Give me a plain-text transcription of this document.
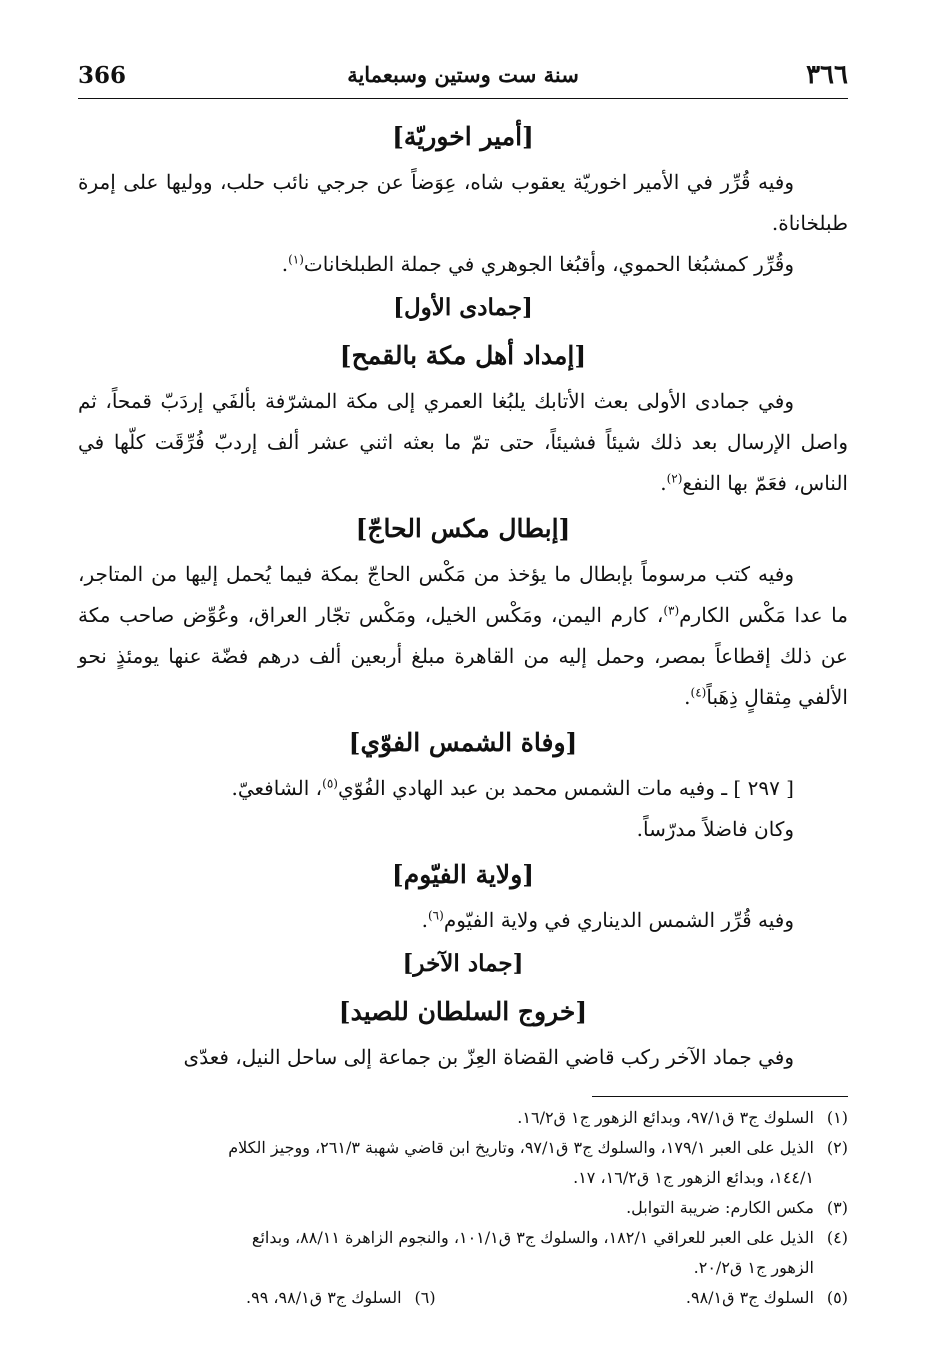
366	سنة ست وستين وسبعماية	٣٦٦
[أمير اخوريّة]

وفيه قُرِّر في الأمير اخوريّة يعقوب شاه، عِوَضاً عن جرجي نائب حلب، ووليها على إمرة طبلخاناة.

وقُرِّر كمشبُغا الحموي، وأقبُغا الجوهري في جملة الطبلخانات$^{(١)}$.

[جمادى الأول]
[إمداد أهل مكة بالقمح]

وفي جمادى الأولى بعث الأتابك يلبُغا العمري إلى مكة المشرّفة بألفَي إردَبّ قمحاً، ثم واصل الإرسال بعد ذلك شيئاً فشيئاً، حتى تمّ ما بعثه اثني عشر ألف إردبّ فُرِّقَت كلّها في الناس، فعَمّ بها النفع$^{(٢)}$.

[إبطال مكس الحاجّ]

وفيه كتب مرسوماً بإبطال ما يؤخذ من مَكْس الحاجّ بمكة فيما يُحمل إليها من المتاجر، ما عدا مَكْس الكارم$^{(٣)}$، كارم اليمن، ومَكْس الخيل، ومَكْس تجّار العراق، وعُوِّض صاحب مكة عن ذلك إقطاعاً بمصر، وحمل إليه من القاهرة مبلغ أربعين ألف درهم فضّة عنها يومئذٍ نحو الألفي مِثقالٍ ذِهَباً$^{(٤)}$.

[وفاة الشمس الفوّي]

[ ٢٩٧ ] ـ وفيه مات الشمس محمد بن عبد الهادي الفُوّي$^{(٥)}$، الشافعيّ.

وكان فاضلاً مدرّساً.

[ولاية الفيّوم]

وفيه قُرِّر الشمس الديناري في ولاية الفيّوم$^{(٦)}$.

[جماد الآخر]
[خروج السلطان للصيد]

وفي جماد الآخر ركب قاضي القضاة العِزّ بن جماعة إلى ساحل النيل، فعدّى

(١)السلوك ج٣ ق٩٧/١، وبدائع الزهور ج١ ق١٦/٢.
(٢)الذيل على العبر ١٧٩/١، والسلوك ج٣ ق٩٧/١، وتاريخ ابن قاضي شهبة ٢٦١/٣، ووجيز الكلام
١٤٤/١، وبدائع الزهور ج١ ق١٦/٢، ١٧.
(٣)مكس الكارم: ضريبة التوابل.
(٤)الذيل على العبر للعراقي ١٨٢/١، والسلوك ج٣ ق١٠١/١، والنجوم الزاهرة ٨٨/١١، وبدائع
الزهور ج١ ق٢٠/٢.
(٥)السلوك ج٣ ق٩٨/١.
(٦)السلوك ج٣ ق٩٨/١، ٩٩.
